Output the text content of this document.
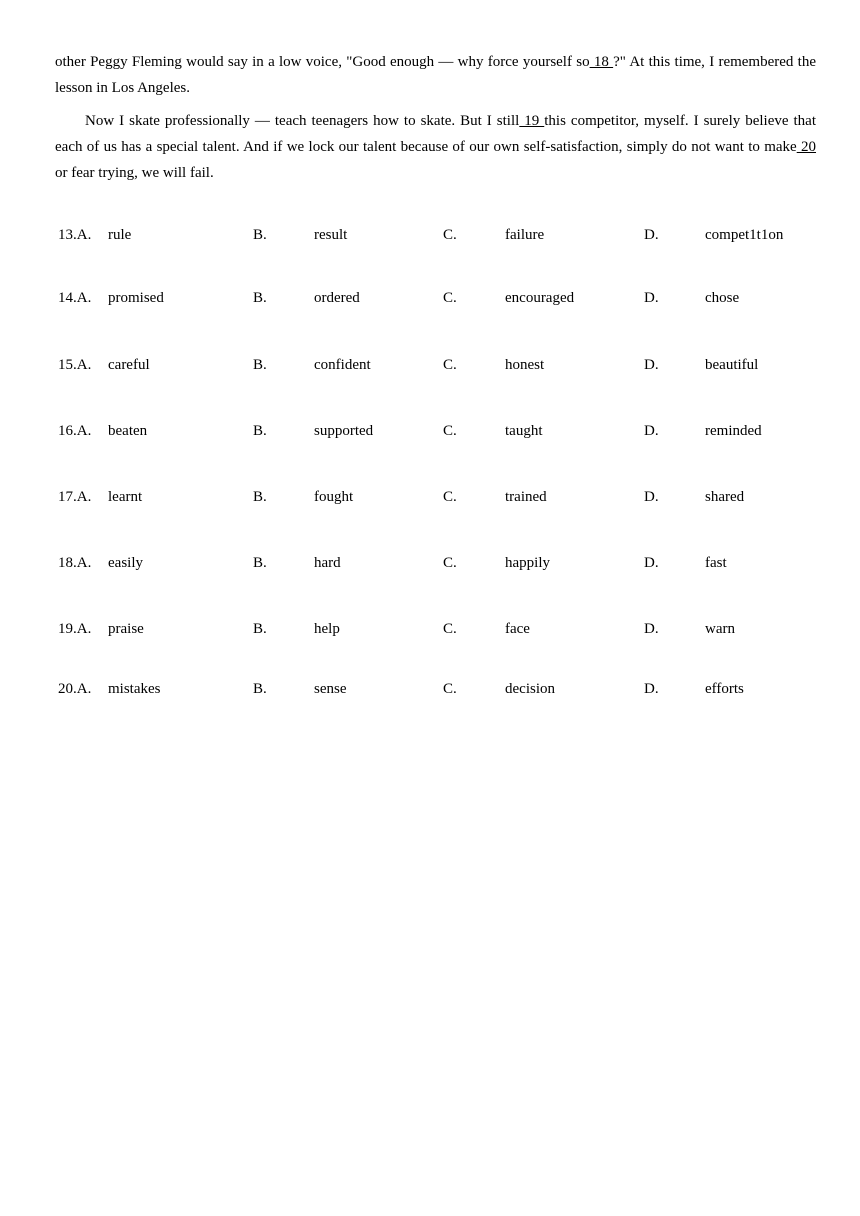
other Peggy Fleming would say in a low voice, "Good enough — why force yourself so 18 ?" At this time, I remembered the lesson in Los Angeles.

Now I skate professionally — teach teenagers how to skate. But I still 19 this competitor, myself. I surely believe that each of us has a special talent. And if we lock our talent because of our own self-satisfaction, simply do not want to make 20 or fear trying, we will fail.

13.A. rule	B.	result	C.	failure	D.	compet1t1on
14.A. promised	B.	ordered	C.	encouraged	D.	chose
15.A. careful	B.	confident	C.	honest	D.	beautiful
16.A. beaten	B.	supported	C.	taught	D.	reminded
17.A. learnt	B.	fought	C.	trained	D.	shared
18.A. easily	B.	hard	C.	happily	D.	fast
19.A. praise	B.	help	C.	face	D.	warn
20.A. mistakes	B.	sense	C.	decision	D.	efforts
